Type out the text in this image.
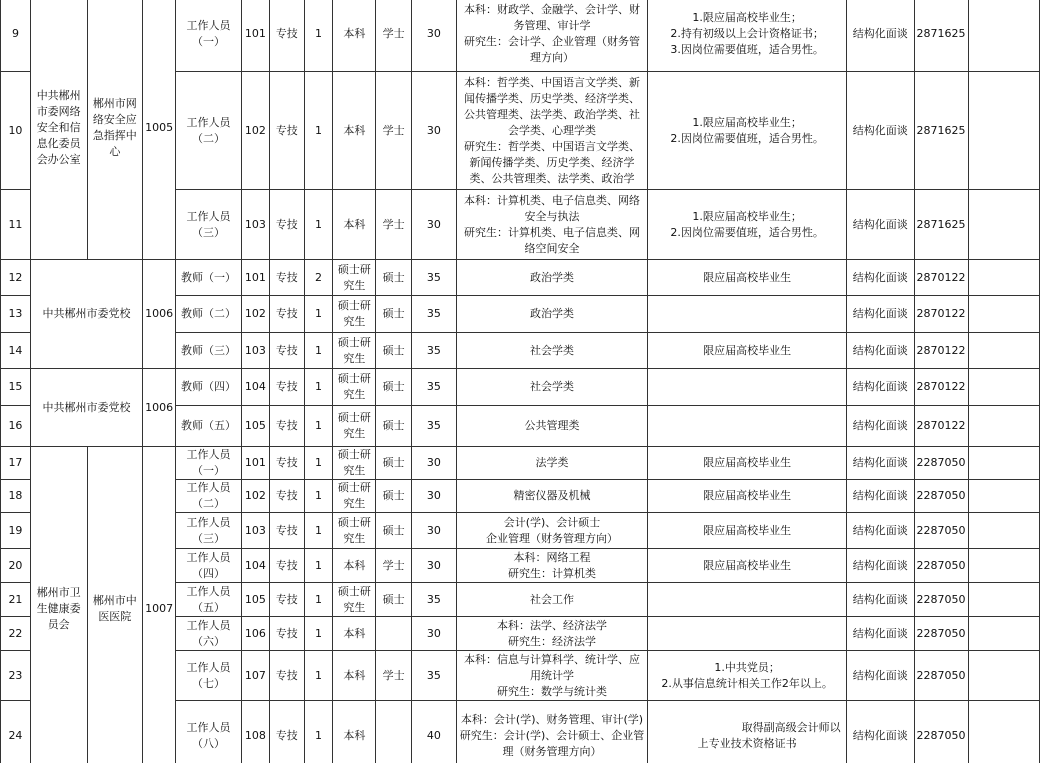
9	中共郴州市委网络安全和信息化委员会办公室	郴州市网络安全应急指挥中心	1005	工作人员（一）	101	专技	1	本科	学士	30	本科：财政学、金融学、会计学、财务管理、审计学
研究生：会计学、企业管理（财务管理方向）	1.限应届高校毕业生；
2.持有初级以上会计资格证书；
3.因岗位需要值班，适合男性。	结构化面谈	2871625	
10				工作人员（二）	102	专技	1	本科	学士	30	本科：哲学类、中国语言文学类、新闻传播学类、历史学类、经济学类、公共管理类、法学类、政治学类、社会学类、心理学类
研究生：哲学类、中国语言文学类、新闻传播学类、历史学类、经济学类、公共管理类、法学类、政治学	1.限应届高校毕业生；
2.因岗位需要值班，适合男性。	结构化面谈	2871625	
11				工作人员（三）	103	专技	1	本科	学士	30	本科：计算机类、电子信息类、网络安全与执法
研究生：计算机类、电子信息类、网络空间安全	1.限应届高校毕业生；
2.因岗位需要值班，适合男性。	结构化面谈	2871625	
12	中共郴州市委党校		1006	教师（一）	101	专技	2	硕士研究生	硕士	35	政治学类	限应届高校毕业生	结构化面谈	2870122	
13				教师（二）	102	专技	1	硕士研究生	硕士	35	政治学类		结构化面谈	2870122	
14				教师（三）	103	专技	1	硕士研究生	硕士	35	社会学类	限应届高校毕业生	结构化面谈	2870122	
15	中共郴州市委党校		1006	教师（四）	104	专技	1	硕士研究生	硕士	35	社会学类		结构化面谈	2870122	
16				教师（五）	105	专技	1	硕士研究生	硕士	35	公共管理类		结构化面谈	2870122	
17	郴州市卫生健康委员会	郴州市中医医院	1007	工作人员（一）	101	专技	1	硕士研究生	硕士	30	法学类	限应届高校毕业生	结构化面谈	2287050	
18				工作人员（二）	102	专技	1	硕士研究生	硕士	30	精密仪器及机械	限应届高校毕业生	结构化面谈	2287050	
19				工作人员（三）	103	专技	1	硕士研究生	硕士	30	会计(学)、会计硕士
企业管理（财务管理方向）	限应届高校毕业生	结构化面谈	2287050	
20				工作人员（四）	104	专技	1	本科	学士	30	本科：网络工程
研究生：计算机类	限应届高校毕业生	结构化面谈	2287050	
21				工作人员（五）	105	专技	1	硕士研究生	硕士	35	社会工作		结构化面谈	2287050	
22				工作人员（六）	106	专技	1	本科		30	本科：法学、经济法学
研究生：经济法学		结构化面谈	2287050	
23				工作人员（七）	107	专技	1	本科	学士	35	本科：信息与计算科学、统计学、应用统计学
研究生：数学与统计类	1.中共党员；
2.从事信息统计相关工作2年以上。	结构化面谈	2287050	
24				工作人员（八）	108	专技	1	本科		40	本科：会计(学)、财务管理、审计(学)
研究生：会计(学)、会计硕士、企业管理（财务管理方向）	取得副高级会计师以上专业技术资格证书	结构化面谈	2287050	
